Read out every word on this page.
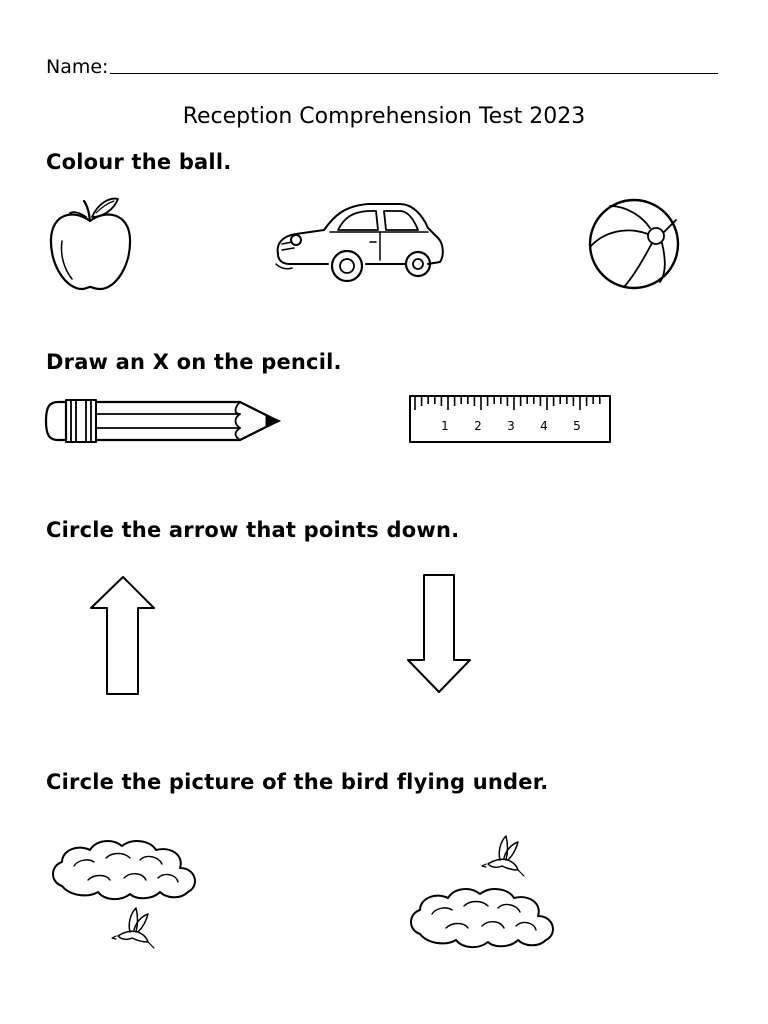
Name:
Reception Comprehension Test 2023
Colour the ball.
Draw an X on the pencil.
1 2 3 4 5
Circle the arrow that points down.
Circle the picture of the bird flying under.
